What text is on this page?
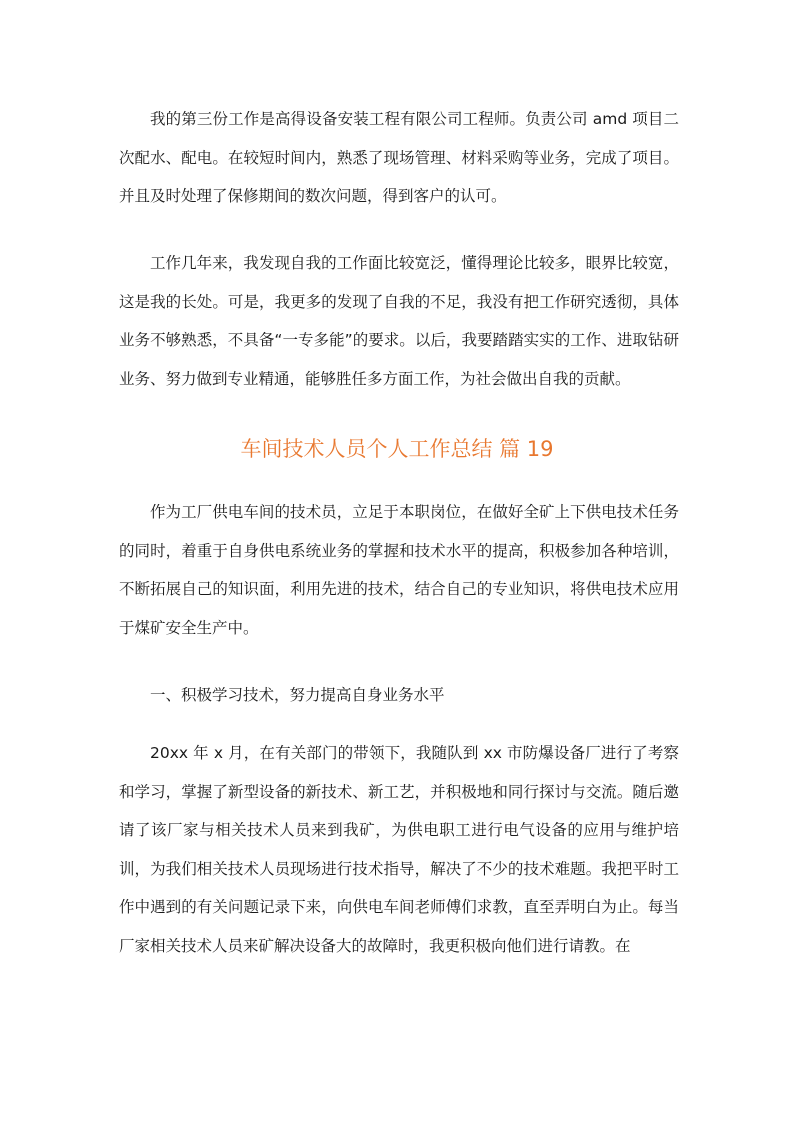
我的第三份工作是高得设备安装工程有限公司工程师。负责公司 amd 项目二次配水、配电。在较短时间内，熟悉了现场管理、材料采购等业务，完成了项目。并且及时处理了保修期间的数次问题，得到客户的认可。

工作几年来，我发现自我的工作面比较宽泛，懂得理论比较多，眼界比较宽，这是我的长处。可是，我更多的发现了自我的不足，我没有把工作研究透彻，具体业务不够熟悉，不具备“一专多能”的要求。以后，我要踏踏实实的工作、进取钻研业务、努力做到专业精通，能够胜任多方面工作，为社会做出自我的贡献。

车间技术人员个人工作总结 篇 19

作为工厂供电车间的技术员，立足于本职岗位，在做好全矿上下供电技术任务的同时，着重于自身供电系统业务的掌握和技术水平的提高，积极参加各种培训，不断拓展自己的知识面，利用先进的技术，结合自己的专业知识，将供电技术应用于煤矿安全生产中。

一、积极学习技术，努力提高自身业务水平

20xx 年 x 月，在有关部门的带领下，我随队到 xx 市防爆设备厂进行了考察和学习，掌握了新型设备的新技术、新工艺，并积极地和同行探讨与交流。随后邀请了该厂家与相关技术人员来到我矿，为供电职工进行电气设备的应用与维护培训，为我们相关技术人员现场进行技术指导，解决了不少的技术难题。我把平时工作中遇到的有关问题记录下来，向供电车间老师傅们求教，直至弄明白为止。每当厂家相关技术人员来矿解决设备大的故障时，我更积极向他们进行请教。在
